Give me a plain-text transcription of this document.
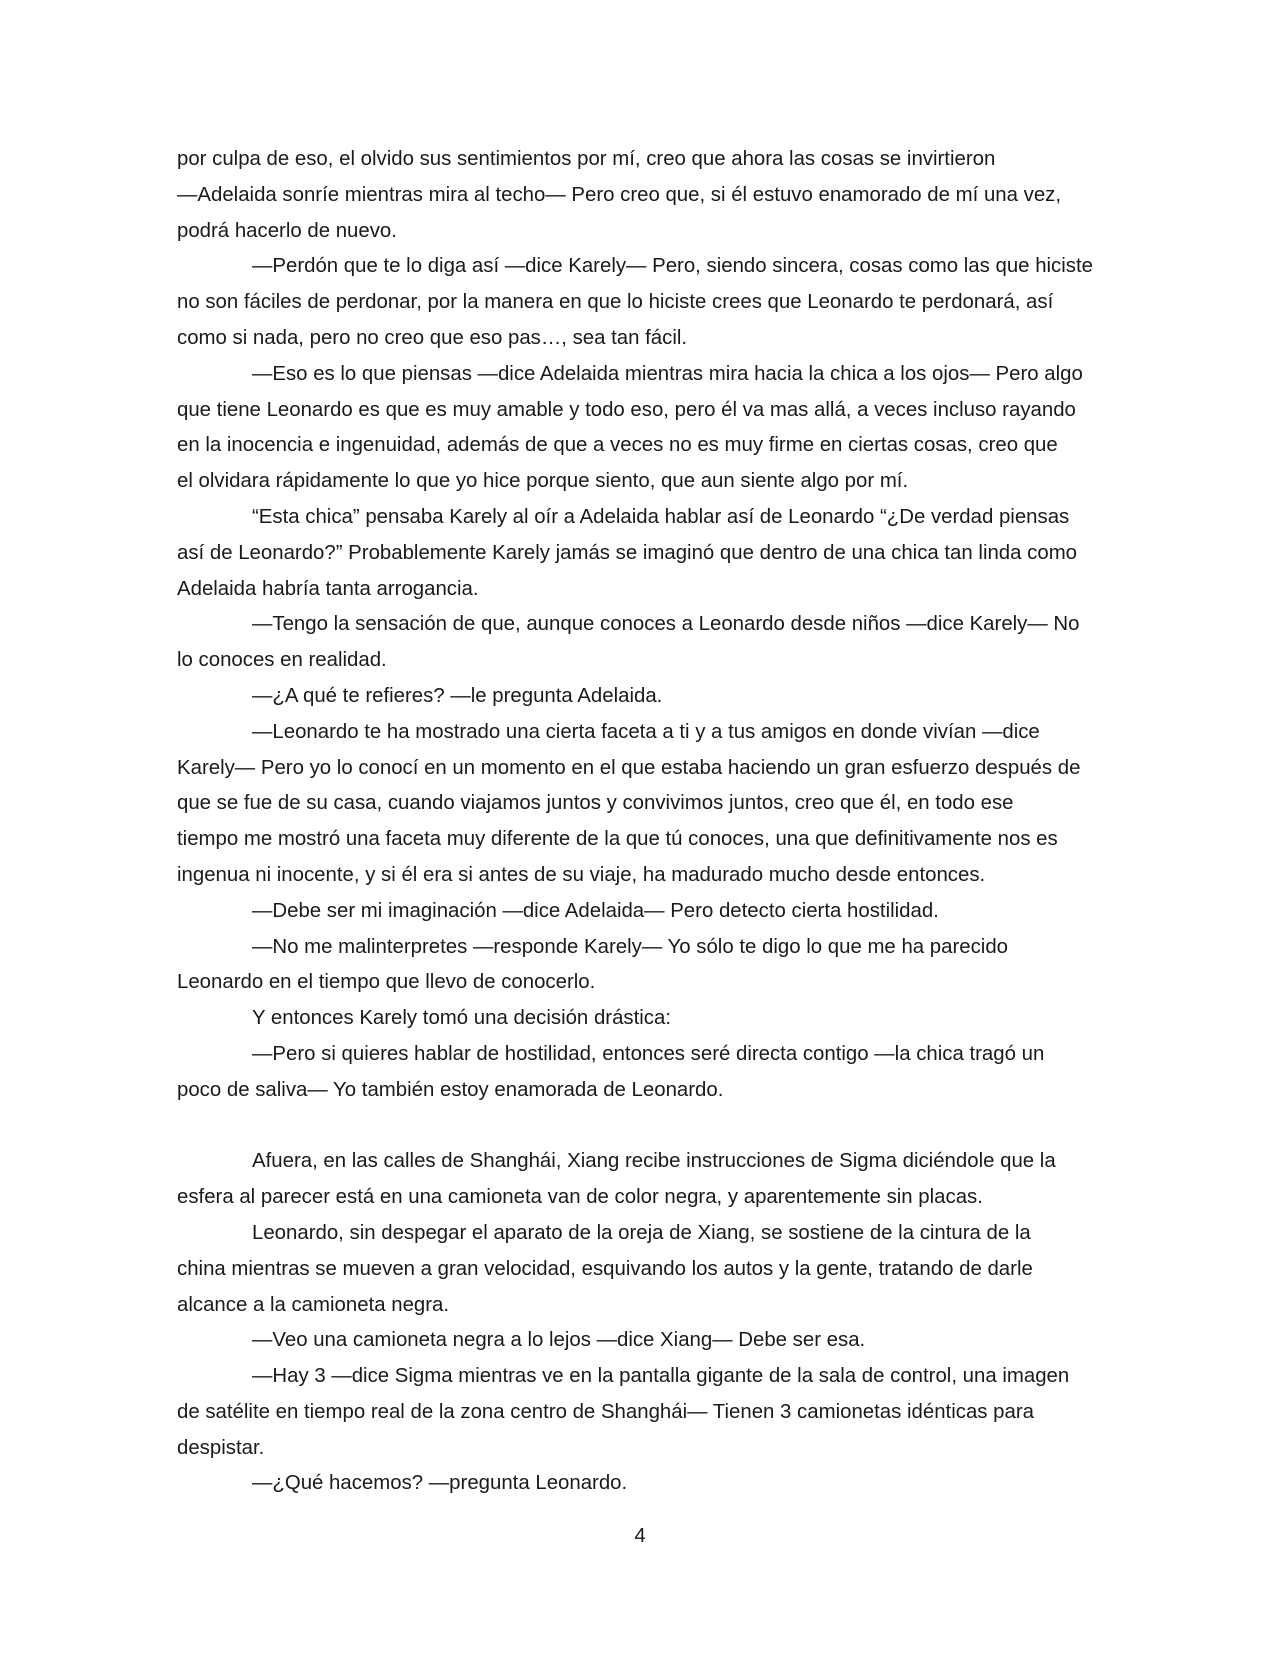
por culpa de eso, el olvido sus sentimientos por mí, creo que ahora las cosas se invirtieron
—Adelaida sonríe mientras mira al techo— Pero creo que, si él estuvo enamorado de mí una vez,
podrá hacerlo de nuevo.
—Perdón que te lo diga así —dice Karely— Pero, siendo sincera, cosas como las que hiciste
no son fáciles de perdonar, por la manera en que lo hiciste crees que Leonardo te perdonará, así
como si nada, pero no creo que eso pas…, sea tan fácil.
—Eso es lo que piensas —dice Adelaida mientras mira hacia la chica a los ojos— Pero algo
que tiene Leonardo es que es muy amable y todo eso, pero él va mas allá, a veces incluso rayando
en la inocencia e ingenuidad, además de que a veces no es muy firme en ciertas cosas, creo que
el olvidara rápidamente lo que yo hice porque siento, que aun siente algo por mí.
“Esta chica” pensaba Karely al oír a Adelaida hablar así de Leonardo “¿De verdad piensas
así de Leonardo?” Probablemente Karely jamás se imaginó que dentro de una chica tan linda como
Adelaida habría tanta arrogancia.
—Tengo la sensación de que, aunque conoces a Leonardo desde niños —dice Karely— No
lo conoces en realidad.
—¿A qué te refieres? —le pregunta Adelaida.
—Leonardo te ha mostrado una cierta faceta a ti y a tus amigos en donde vivían —dice
Karely— Pero yo lo conocí en un momento en el que estaba haciendo un gran esfuerzo después de
que se fue de su casa, cuando viajamos juntos y convivimos juntos, creo que él, en todo ese
tiempo me mostró una faceta muy diferente de la que tú conoces, una que definitivamente nos es
ingenua ni inocente, y si él era si antes de su viaje, ha madurado mucho desde entonces.
—Debe ser mi imaginación —dice Adelaida— Pero detecto cierta hostilidad.
—No me malinterpretes —responde Karely— Yo sólo te digo lo que me ha parecido
Leonardo en el tiempo que llevo de conocerlo.
Y entonces Karely tomó una decisión drástica:
—Pero si quieres hablar de hostilidad, entonces seré directa contigo —la chica tragó un
poco de saliva— Yo también estoy enamorada de Leonardo.
Afuera, en las calles de Shanghái, Xiang recibe instrucciones de Sigma diciéndole que la
esfera al parecer está en una camioneta van de color negra, y aparentemente sin placas.
Leonardo, sin despegar el aparato de la oreja de Xiang, se sostiene de la cintura de la
china mientras se mueven a gran velocidad, esquivando los autos y la gente, tratando de darle
alcance a la camioneta negra.
—Veo una camioneta negra a lo lejos —dice Xiang— Debe ser esa.
—Hay 3 —dice Sigma mientras ve en la pantalla gigante de la sala de control, una imagen
de satélite en tiempo real de la zona centro de Shanghái— Tienen 3 camionetas idénticas para
despistar.
—¿Qué hacemos? —pregunta Leonardo.
4
